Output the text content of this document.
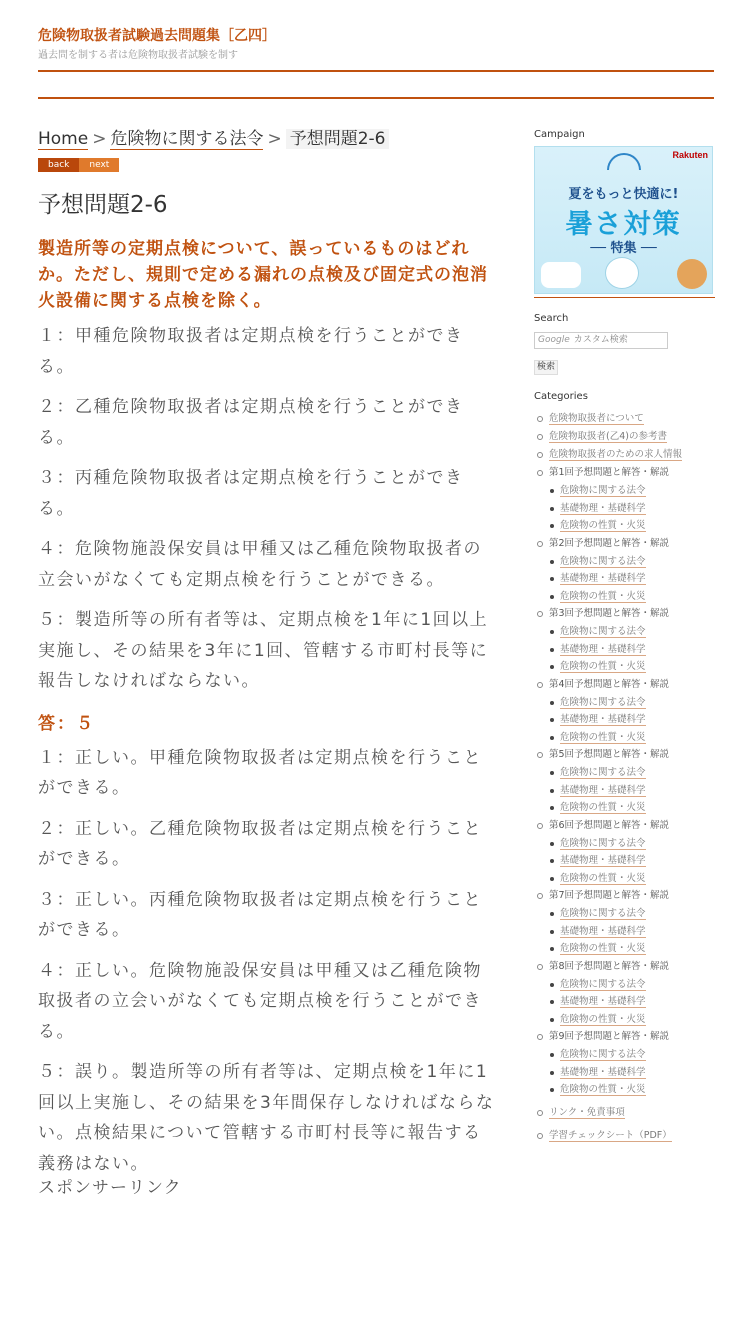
危険物取扱者試験過去問題集［乙四］
過去問を制する者は危険物取扱者試験を制す
Home > 危険物に関する法令 > 予想問題2-6
back	next
予想問題2-6

製造所等の定期点検について、誤っているものはどれか。ただし、規則で定める漏れの点検及び固定式の泡消火設備に関する点検を除く。

１：甲種危険物取扱者は定期点検を行うことができる。

２：乙種危険物取扱者は定期点検を行うことができる。

３：丙種危険物取扱者は定期点検を行うことができる。

４：危険物施設保安員は甲種又は乙種危険物取扱者の立会いがなくても定期点検を行うことができる。

５：製造所等の所有者等は、定期点検を1年に1回以上実施し、その結果を3年に1回、管轄する市町村長等に報告しなければならない。

答：５

１：正しい。甲種危険物取扱者は定期点検を行うことができる。

２：正しい。乙種危険物取扱者は定期点検を行うことができる。

３：正しい。丙種危険物取扱者は定期点検を行うことができる。

４：正しい。危険物施設保安員は甲種又は乙種危険物取扱者の立会いがなくても定期点検を行うことができる。

５：誤り。製造所等の所有者等は、定期点検を1年に1回以上実施し、その結果を3年間保存しなければならない。点検結果について管轄する市町村長等に報告する義務はない。

スポンサーリンク
Campaign
Rakuten
夏をもっと快適に!
暑さ対策
── 特集 ──
Search
Google カスタム検索
検索
Categories
危険物取扱者について
危険物取扱者(乙4)の参考書
危険物取扱者のための求人情報
第1回予想問題と解答・解説
危険物に関する法令
基礎物理・基礎科学
危険物の性質・火災
第2回予想問題と解答・解説
危険物に関する法令
基礎物理・基礎科学
危険物の性質・火災
第3回予想問題と解答・解説
危険物に関する法令
基礎物理・基礎科学
危険物の性質・火災
第4回予想問題と解答・解説
危険物に関する法令
基礎物理・基礎科学
危険物の性質・火災
第5回予想問題と解答・解説
危険物に関する法令
基礎物理・基礎科学
危険物の性質・火災
第6回予想問題と解答・解説
危険物に関する法令
基礎物理・基礎科学
危険物の性質・火災
第7回予想問題と解答・解説
危険物に関する法令
基礎物理・基礎科学
危険物の性質・火災
第8回予想問題と解答・解説
危険物に関する法令
基礎物理・基礎科学
危険物の性質・火災
第9回予想問題と解答・解説
危険物に関する法令
基礎物理・基礎科学
危険物の性質・火災
リンク・免責事項
学習チェックシート（PDF）
